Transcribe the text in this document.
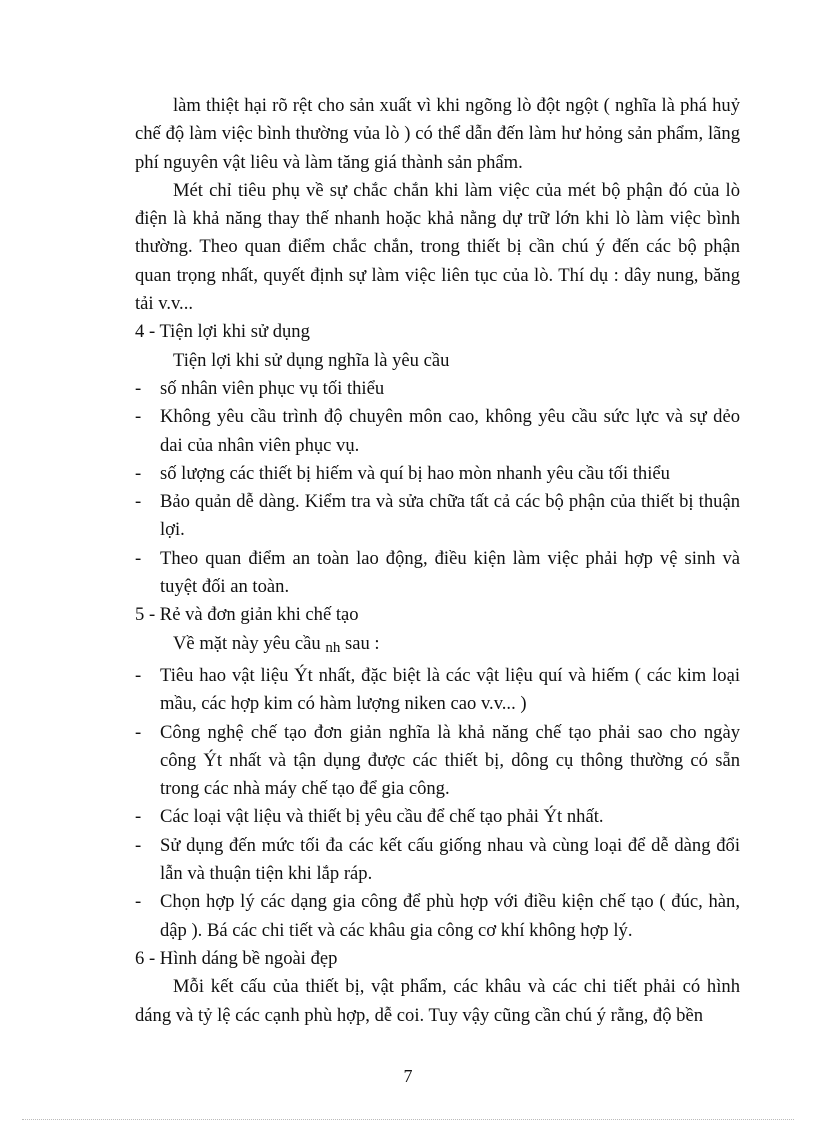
làm thiệt hại rõ rệt cho sản xuất vì khi ngõng lò đột ngột ( nghĩa là phá huỷ chế độ làm việc bình thường vủa lò ) có thể dẫn đến làm hư hỏng sản phẩm, lãng phí nguyên vật liêu và làm tăng giá thành sản phẩm.

Mét chỉ tiêu phụ về sự chắc chắn khi làm việc của mét bộ phận đó của lò điện là khả năng thay thế nhanh hoặc khả nằng dự trữ lớn khi lò làm việc bình thường. Theo quan điểm chắc chắn, trong thiết bị cần chú ý đến các bộ phận quan trọng nhất, quyết định sự làm việc liên tục của lò. Thí dụ : dây nung, băng tải v.v...

4 - Tiện lợi khi sử dụng

Tiện lợi khi sử dụng nghĩa là yêu cầu

- số nhân viên phục vụ tối thiểu

- Không yêu cầu trình độ chuyên môn cao, không yêu cầu sức lực và sự dẻo dai của nhân viên phục vụ.

- số lượng các thiết bị hiếm và quí bị hao mòn nhanh yêu cầu tối thiểu

- Bảo quản dễ dàng. Kiểm tra và sửa chữa tất cả các bộ phận của thiết bị thuận lợi.

- Theo quan điểm an toàn lao động, điều kiện làm việc phải hợp vệ sinh và tuyệt đối an toàn.

5 - Rẻ và đơn giản khi chế tạo

Về mặt này yêu cầu nh sau :

- Tiêu hao vật liệu Ýt nhất, đặc biệt là các vật liệu quí và hiếm ( các kim loại mầu, các hợp kim có hàm lượng niken cao v.v... )

- Công nghệ chế tạo đơn giản nghĩa là khả năng chế tạo phải sao cho ngày công Ýt nhất và tận dụng được các thiết bị, dông cụ thông thường có sẵn trong các nhà máy chế tạo để gia công.

- Các loại vật liệu và thiết bị yêu cầu để chế tạo phải Ýt nhất.

- Sử dụng đến mức tối đa các kết cấu giống nhau và cùng loại để dễ dàng đổi lẫn và thuận tiện khi lắp ráp.

- Chọn hợp lý các dạng gia công để phù hợp với điều kiện chế tạo ( đúc, hàn, dập ). Bá các chi tiết và các khâu gia công cơ khí không hợp lý.

6 - Hình dáng bề ngoài đẹp

Mỗi kết cấu của thiết bị, vật phẩm, các khâu và các chi tiết phải có hình dáng và tỷ lệ các cạnh phù hợp, dễ coi. Tuy vậy cũng cần chú ý rằng, độ bền

7
